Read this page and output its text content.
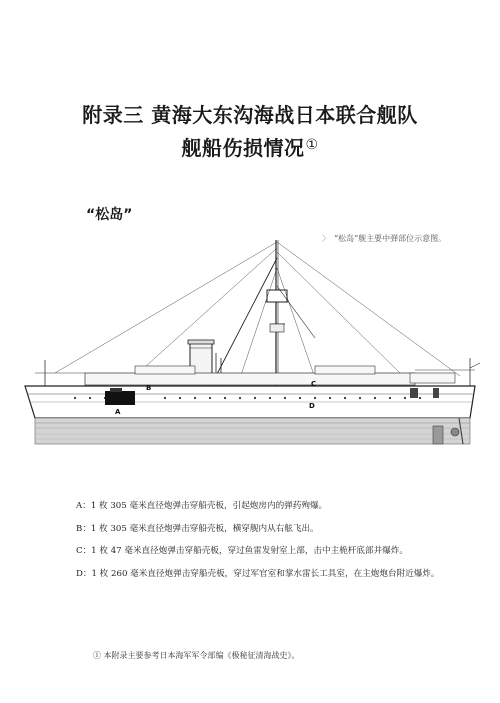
附录三 黄海大东沟海战日本联合舰队
舰船伤损情况①
“松岛”
〉 “松岛”舰主要中弹部位示意图。
A
B	C
D
A：1 枚 305 毫米直径炮弹击穿船壳板，引起炮房内的弹药殉爆。
B：1 枚 305 毫米直径炮弹击穿船壳板，横穿舰内从右舷飞出。
C：1 枚 47 毫米直径炮弹击穿船壳板，穿过鱼雷发射室上部，击中主桅杆底部并爆炸。
D：1 枚 260 毫米直径炮弹击穿船壳板，穿过军官室和掌水雷长工具室，在主炮炮台附近爆炸。
① 本附录主要参考日本海军军令部编《极秘征清海战史》。
